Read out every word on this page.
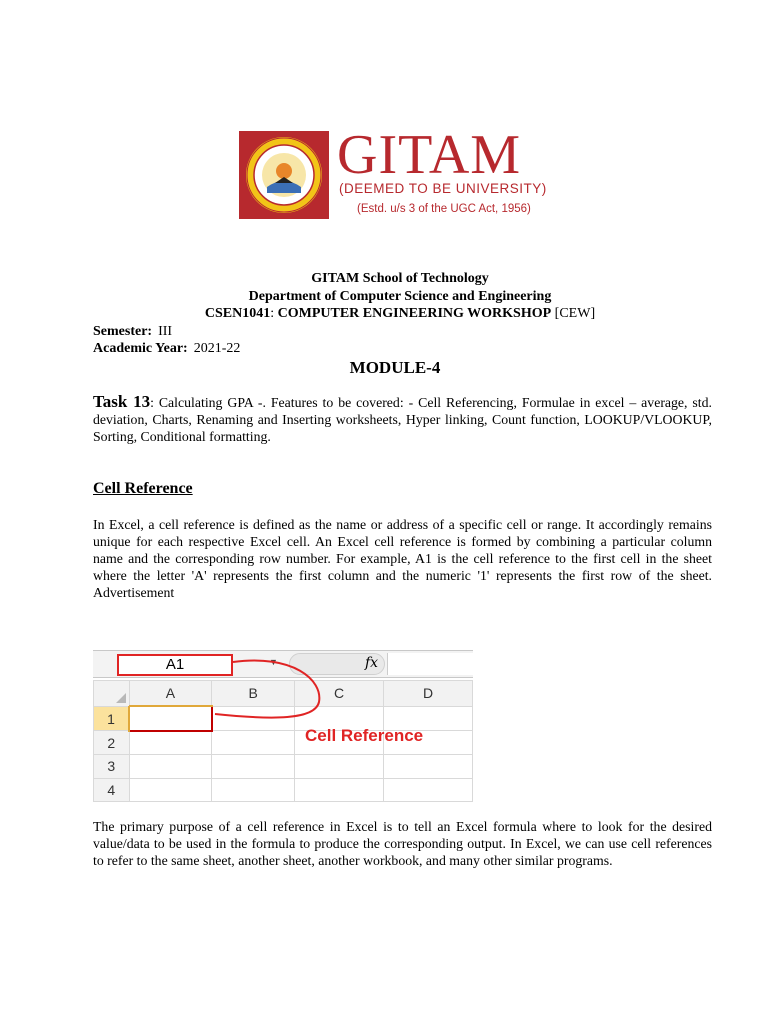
GITAM
(DEEMED TO BE UNIVERSITY)
(Estd. u/s 3 of the UGC Act, 1956)
GITAM School of Technology
Department of Computer Science and Engineering
CSEN1041: COMPUTER ENGINEERING WORKSHOP [CEW]
Semester: III
Academic Year: 2021-22
MODULE-4
Task 13: Calculating GPA -. Features to be covered: - Cell Referencing, Formulae in excel – average, std. deviation, Charts, Renaming and Inserting worksheets, Hyper linking, Count function, LOOKUP/VLOOKUP, Sorting, Conditional formatting.
Cell Reference
In Excel, a cell reference is defined as the name or address of a specific cell or range. It accordingly remains unique for each respective Excel cell. An Excel cell reference is formed by combining a particular column name and the corresponding row number. For example, A1 is the cell reference to the first cell in the sheet where the letter 'A' represents the first column and the numeric '1' represents the first row of the sheet. Advertisement
A1	▼	fx
	A	B	C	D
1				
2				
3				
4				
Cell Reference
The primary purpose of a cell reference in Excel is to tell an Excel formula where to look for the desired value/data to be used in the formula to produce the corresponding output. In Excel, we can use cell references to refer to the same sheet, another sheet, another workbook, and many other similar programs.
